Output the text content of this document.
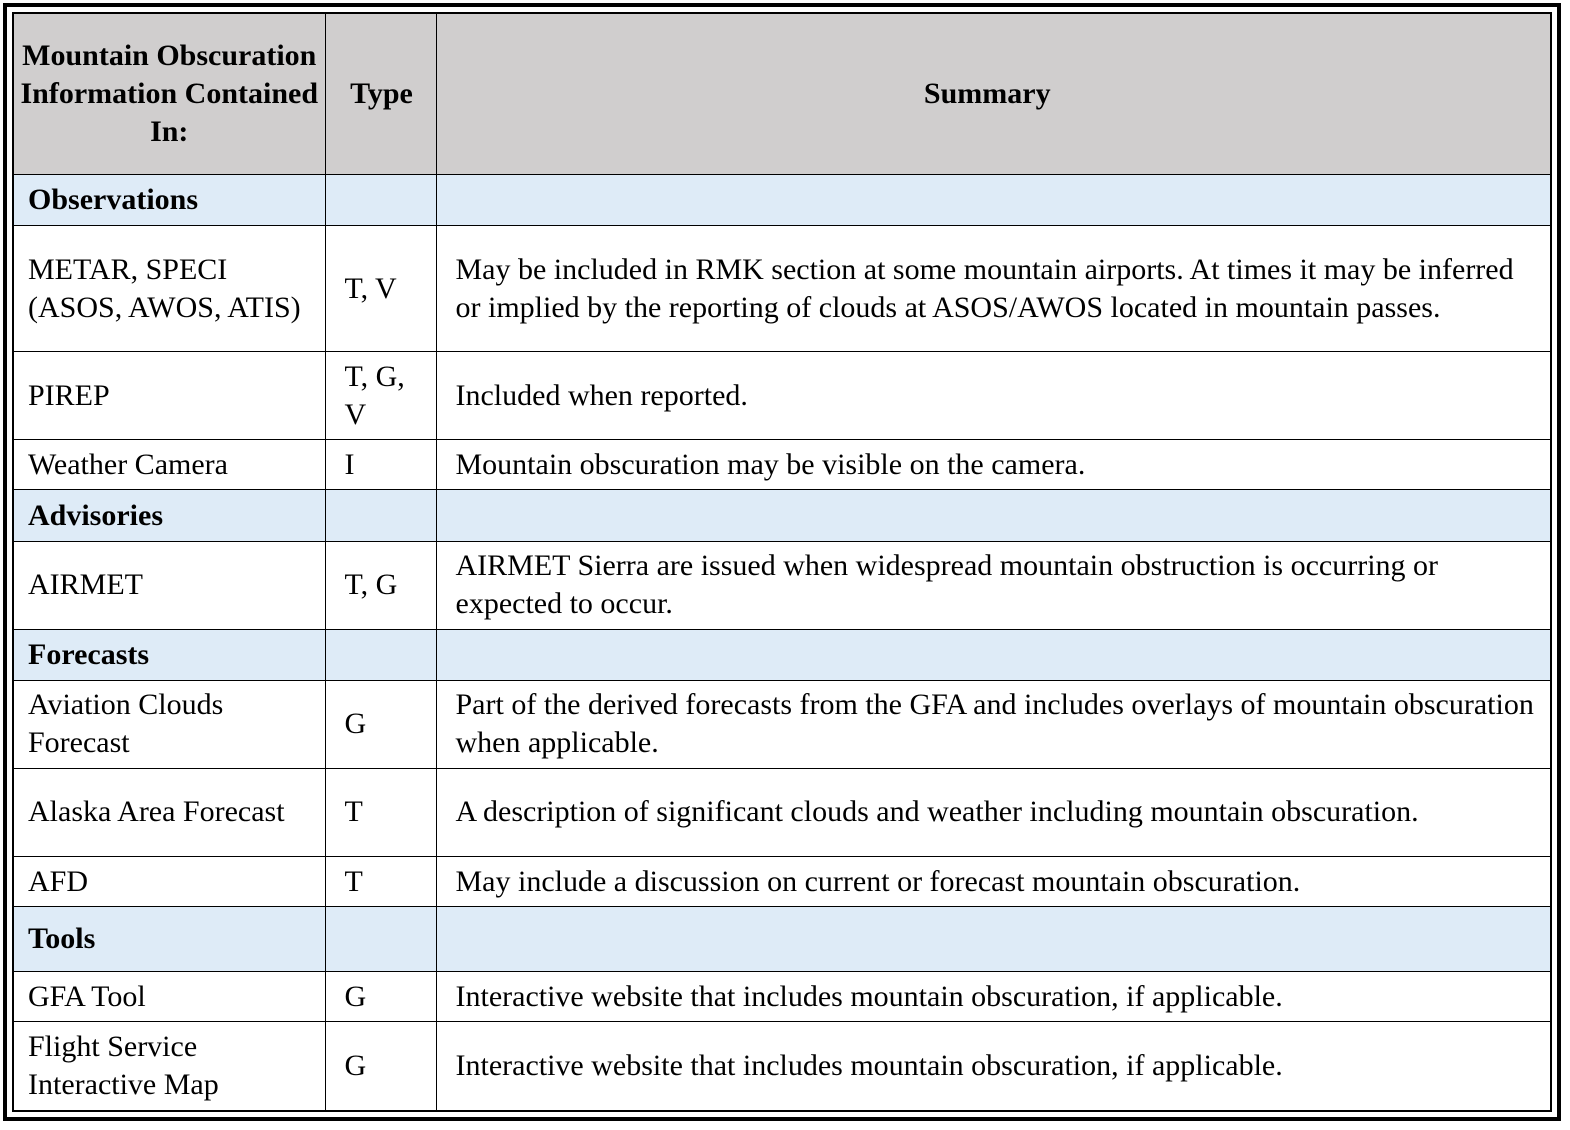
Mountain Obscuration Information Contained In:	Type	Summary
Observations		
METAR, SPECI (ASOS, AWOS, ATIS)	T, V	May be included in RMK section at some mountain airports. At times it may be inferred or implied by the reporting of clouds at ASOS/AWOS located in mountain passes.
PIREP	T, G, V	Included when reported.
Weather Camera	I	Mountain obscuration may be visible on the camera.
Advisories		
AIRMET	T, G	AIRMET Sierra are issued when widespread mountain obstruction is occurring or expected to occur.
Forecasts		
Aviation Clouds Forecast	G	Part of the derived forecasts from the GFA and includes overlays of mountain obscuration when applicable.
Alaska Area Forecast	T	A description of significant clouds and weather including mountain obscuration.
AFD	T	May include a discussion on current or forecast mountain obscuration.
Tools		
GFA Tool	G	Interactive website that includes mountain obscuration, if applicable.
Flight Service Interactive Map	G	Interactive website that includes mountain obscuration, if applicable.
